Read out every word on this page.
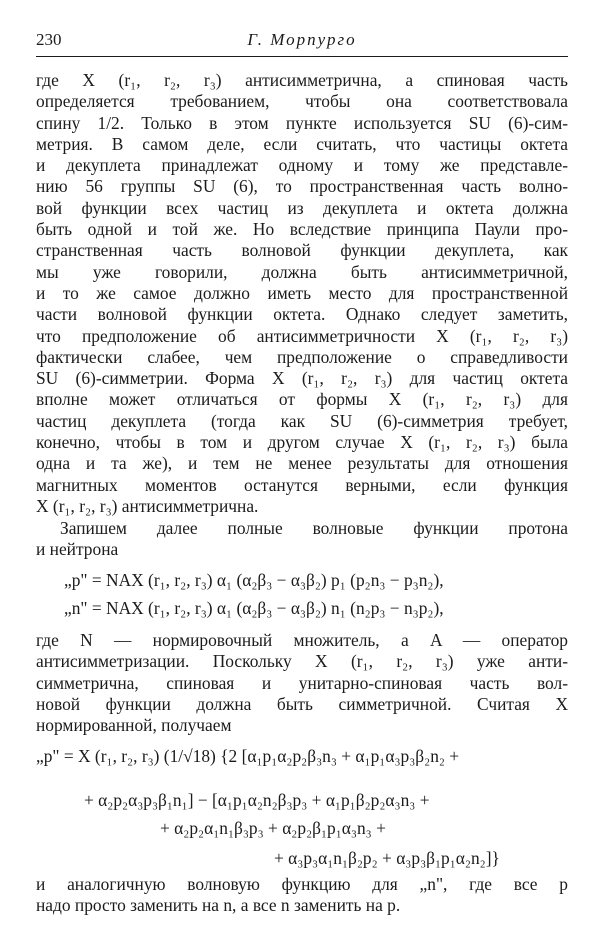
230	Г. Морпурго
где X (r₁, r₂, r₃) антисимметрична, а спиновая часть
определяется требованием, чтобы она соответствовала
спину 1/2. Только в этом пункте используется SU (6)-сим-
метрия. В самом деле, если считать, что частицы октета
и декуплета принадлежат одному и тому же представле-
нию 56 группы SU (6), то пространственная часть волно-
вой функции всех частиц из декуплета и октета должна
быть одной и той же. Но вследствие принципа Паули про-
странственная часть волновой функции декуплета, как
мы уже говорили, должна быть антисимметричной,
и то же самое должно иметь место для пространственной
части волновой функции октета. Однако следует заметить,
что предположение об антисимметричности X (r₁, r₂, r₃)
фактически слабее, чем предположение о справедливости
SU (6)-симметрии. Форма X (r₁, r₂, r₃) для частиц октета
вполне может отличаться от формы X (r₁, r₂, r₃) для
частиц декуплета (тогда как SU (6)-симметрия требует,
конечно, чтобы в том и другом случае X (r₁, r₂, r₃) была
одна и та же), и тем не менее результаты для отношения
магнитных моментов останутся верными, если функция
X (r₁, r₂, r₃) антисимметрична.
Запишем далее полные волновые функции протона
и нейтрона
„p" = NAX (r₁, r₂, r₃) α₁ (α₂β₃ − α₃β₂) p₁ (p₂n₃ − p₃n₂),
„n" = NAX (r₁, r₂, r₃) α₁ (α₂β₃ − α₃β₂) n₁ (n₂p₃ − n₃p₂),
где N — нормировочный множитель, а A — оператор
антисимметризации. Поскольку X (r₁, r₂, r₃) уже анти-
симметрична, спиновая и унитарно-спиновая часть вол-
новой функции должна быть симметричной. Считая X
нормированной, получаем
„p" = X (r₁, r₂, r₃) (1/√18) {2 [α₁p₁α₂p₂β₃n₃ + α₁p₁α₃p₃β₂n₂ +
+ α₂p₂α₃p₃β₁n₁] − [α₁p₁α₂n₂β₃p₃ + α₁p₁β₂p₂α₃n₃ +
+ α₂p₂α₁n₁β₃p₃ + α₂p₂β₁p₁α₃n₃ +
+ α₃p₃α₁n₁β₂p₂ + α₃p₃β₁p₁α₂n₂]}
и аналогичную волновую функцию для „n", где все p
надо просто заменить на n, а все n заменить на p.
